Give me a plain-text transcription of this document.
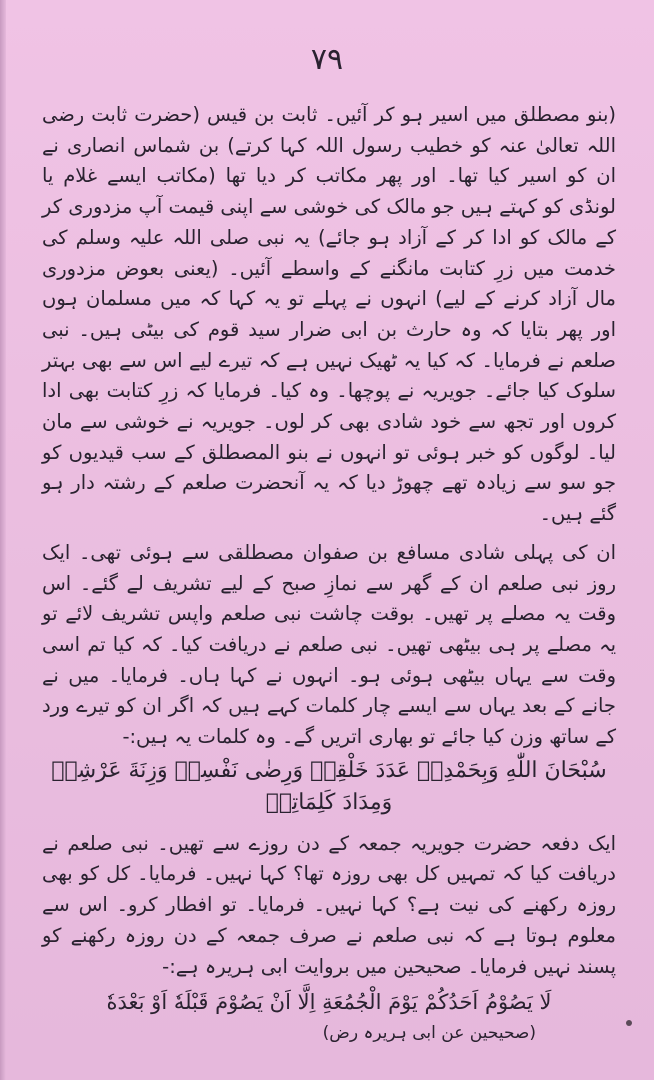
۷۹

(بنو مصطلق میں اسیر ہو کر آئیں۔ ثابت بن قیس (حضرت ثابت رضی اللہ تعالیٰ عنہ کو خطیب رسول اللہ کہا کرتے) بن شماس انصاری نے ان کو اسیر کیا تھا۔ اور پھر مکاتب کر دیا تھا (مکاتب ایسے غلام یا لونڈی کو کہتے ہیں جو مالک کی خوشی سے اپنی قیمت آپ مزدوری کر کے مالک کو ادا کر کے آزاد ہو جائے) یہ نبی صلی اللہ علیہ وسلم کی خدمت میں زرِ کتابت مانگنے کے واسطے آئیں۔ (یعنی بعوض مزدوری مال آزاد کرنے کے لیے) انہوں نے پہلے تو یہ کہا کہ میں مسلمان ہوں اور پھر بتایا کہ وہ حارث بن ابی ضرار سید قوم کی بیٹی ہیں۔ نبی صلعم نے فرمایا۔ کہ کیا یہ ٹھیک نہیں ہے کہ تیرے لیے اس سے بھی بہتر سلوک کیا جائے۔ جویریہ نے پوچھا۔ وہ کیا۔ فرمایا کہ زرِ کتابت بھی ادا کروں اور تجھ سے خود شادی بھی کر لوں۔ جویریہ نے خوشی سے مان لیا۔ لوگوں کو خبر ہوئی تو انہوں نے بنو المصطلق کے سب قیدیوں کو جو سو سے زیادہ تھے چھوڑ دیا کہ یہ آنحضرت صلعم کے رشتہ دار ہو گئے ہیں۔

ان کی پہلی شادی مسافع بن صفوان مصطلقی سے ہوئی تھی۔ ایک روز نبی صلعم ان کے گھر سے نمازِ صبح کے لیے تشریف لے گئے۔ اس وقت یہ مصلے پر تھیں۔ بوقت چاشت نبی صلعم واپس تشریف لائے تو یہ مصلے پر ہی بیٹھی تھیں۔ نبی صلعم نے دریافت کیا۔ کہ کیا تم اسی وقت سے یہاں بیٹھی ہوئی ہو۔ انہوں نے کہا ہاں۔ فرمایا۔ میں نے جانے کے بعد یہاں سے ایسے چار کلمات کہے ہیں کہ اگر ان کو تیرے ورد کے ساتھ وزن کیا جائے تو بھاری اتریں گے۔ وہ کلمات یہ ہیں:-

سُبْحَانَ اللّٰهِ وَبِحَمْدِهٖ عَدَدَ خَلْقِهٖ وَرِضٰی نَفْسِهٖ وَزِنَةَ عَرْشِهٖ
وَمِدَادَ كَلِمَاتِهٖ

ایک دفعہ حضرت جویریہ جمعہ کے دن روزے سے تھیں۔ نبی صلعم نے دریافت کیا کہ تمہیں کل بھی روزہ تھا؟ کہا نہیں۔ فرمایا۔ کل کو بھی روزہ رکھنے کی نیت ہے؟ کہا نہیں۔ فرمایا۔ تو افطار کرو۔ اس سے معلوم ہوتا ہے کہ نبی صلعم نے صرف جمعہ کے دن روزہ رکھنے کو پسند نہیں فرمایا۔ صحیحین میں بروایت ابی ہریرہ ہے:-

لَا يَصُوْمُ اَحَدُكُمْ يَوْمَ الْجُمُعَةِ اِلَّا اَنْ يَصُوْمَ قَبْلَهٗ اَوْ بَعْدَهٗ
(صحیحین عن ابی ہریرہ رض)
